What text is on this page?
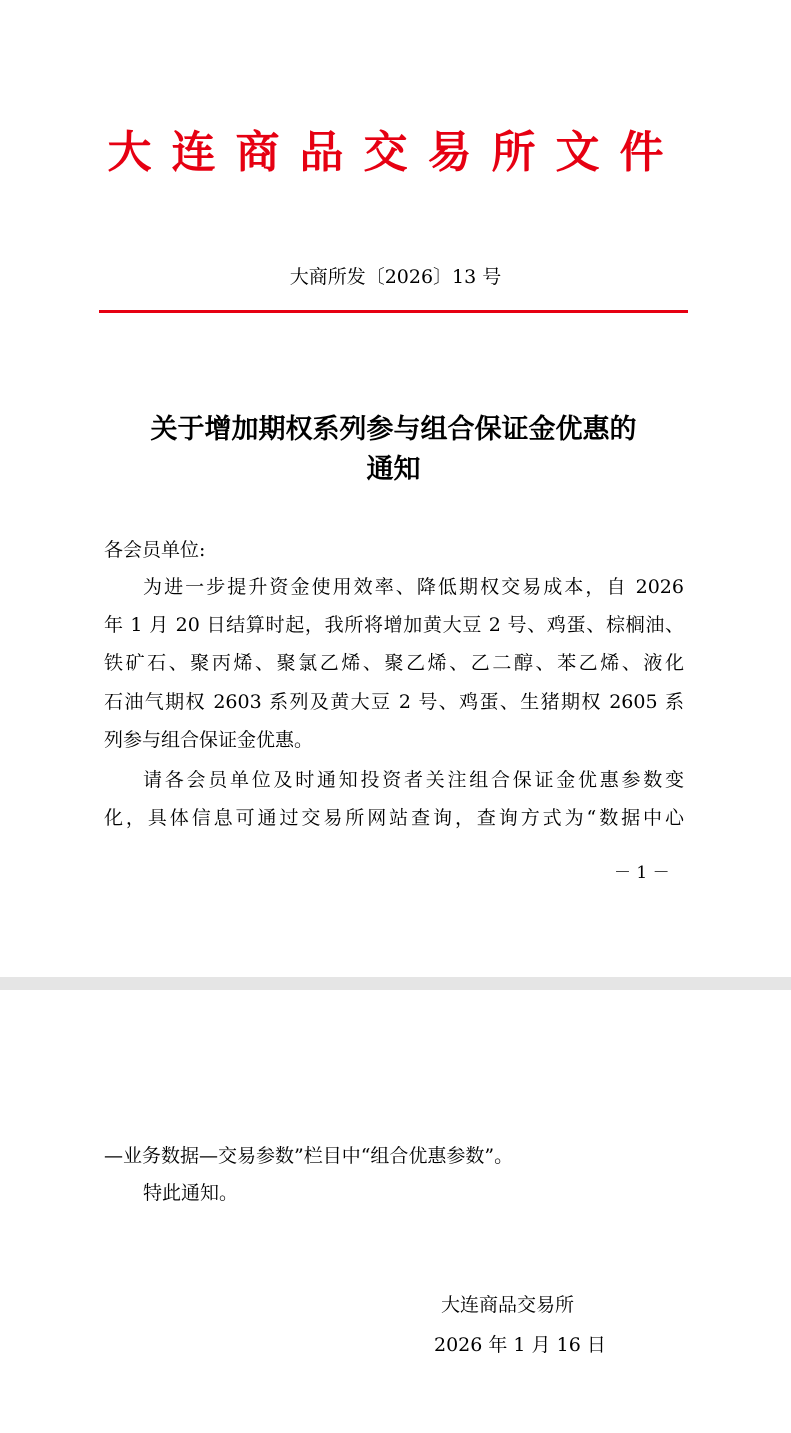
大连商品交易所文件
大商所发〔2026〕13 号
关于增加期权系列参与组合保证金优惠的
通知
各会员单位:
为进一步提升资金使用效率、降低期权交易成本，自 2026
年 1 月 20 日结算时起，我所将增加黄大豆 2 号、鸡蛋、棕榈油、
铁矿石、聚丙烯、聚氯乙烯、聚乙烯、乙二醇、苯乙烯、液化
石油气期权 2603 系列及黄大豆 2 号、鸡蛋、生猪期权 2605 系
列参与组合保证金优惠。
请各会员单位及时通知投资者关注组合保证金优惠参数变
化，具体信息可通过交易所网站查询，查询方式为“数据中心
－ 1 －
—业务数据—交易参数”栏目中“组合优惠参数”。
特此通知。
大连商品交易所
2026 年 1 月 16 日
